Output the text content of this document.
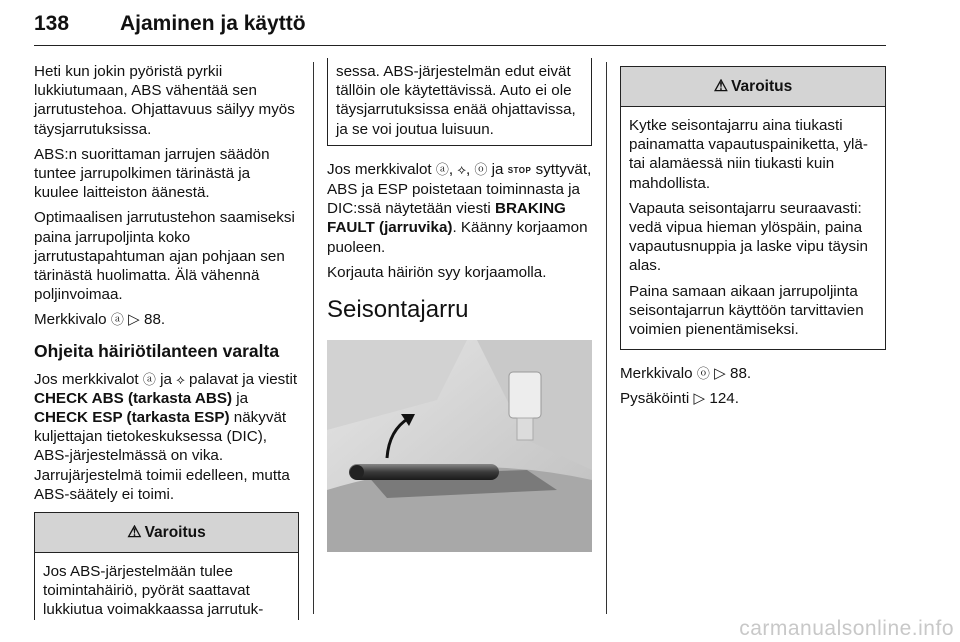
138 Ajaminen ja käyttö

Heti kun jokin pyöristä pyrkii lukkiutumaan, ABS vähentää sen jarrutustehoa. Ohjattavuus säilyy myös täysjarrutuksissa.

ABS:n suorittaman jarrujen säädön tuntee jarrupolkimen tärinästä ja kuulee laitteiston äänestä.

Optimaalisen jarrutustehon saamiseksi paina jarrupoljinta koko jarrutustapahtuman ajan pohjaan sen tärinästä huolimatta. Älä vähennä poljinvoimaa.

Merkkivalo ⓐ ▷ 88.

Ohjeita häiriötilanteen varalta

Jos merkkivalot ⓐ ja ⟡ palavat ja viestit CHECK ABS (tarkasta ABS) ja CHECK ESP (tarkasta ESP) näkyvät kuljettajan tietokeskuksessa (DIC), ABS-järjestelmässä on vika. Jarrujärjestelmä toimii edelleen, mutta ABS-säätely ei toimi.

⚠ Varoitus
Jos ABS-järjestelmään tulee toimintahäiriö, pyörät saattavat lukkiutua voimakkaassa jarrutuk-
sessa. ABS-järjestelmän edut eivät tällöin ole käytettävissä. Auto ei ole täysjarrutuksissa enää ohjattavissa, ja se voi joutua luisuun.

Jos merkkivalot ⓐ, ⟡, ⓞ ja STOP syttyvät, ABS ja ESP poistetaan toiminnasta ja DIC:ssä näytetään viesti BRAKING FAULT (jarruvika). Käänny korjaamon puoleen.

Korjauta häiriön syy korjaamolla.

Seisontajarru
⚠ Varoitus

Kytke seisontajarru aina tiukasti painamatta vapautuspainiketta, ylä- tai alamäessä niin tiukasti kuin mahdollista.

Vapauta seisontajarru seuraavasti: vedä vipua hieman ylöspäin, paina vapautusnuppia ja laske vipu täysin alas.

Paina samaan aikaan jarrupoljinta seisontajarrun käyttöön tarvittavien voimien pienentämiseksi.

Merkkivalo ⓞ ▷ 88.

Pysäköinti ▷ 124.

carmanualsonline.info
